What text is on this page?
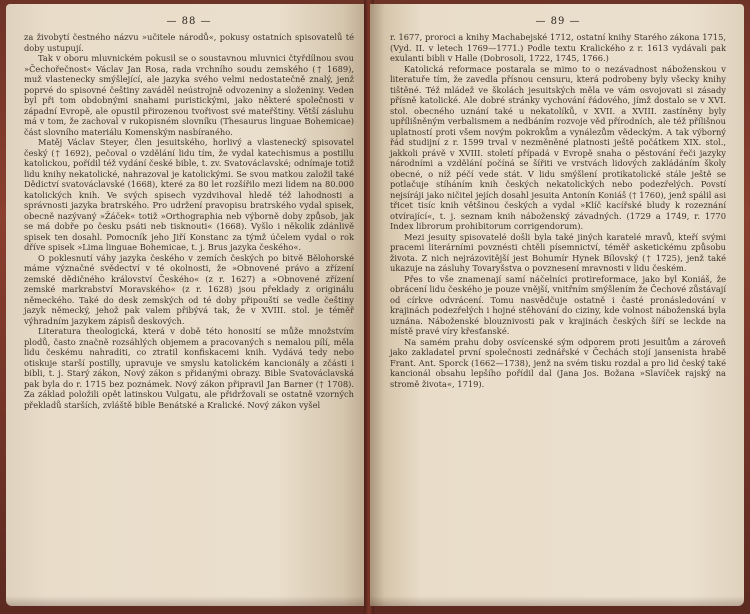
— 88 —

za živobytí čestného názvu »učitele národů«, pokusy ostatních spisovatelů té doby ustupují.

Tak v oboru mluvnickém pokusil se o soustavnou mluvnici čtyřdílnou svou »Čechořečnost« Václav Jan Rosa, rada vrchního soudu zemského († 1689), muž vlastenecky smýšlející, ale jazyka svého velmi nedostatečně znalý, jenž poprvé do spisovné češtiny zaváděl neústrojně odvozeniny a složeniny. Veden byl při tom obdobnými snahami puristickými, jako některé společnosti v západní Evropě, ale opustil přirozenou tvořivost své mateřštiny. Větší zásluhu má v tom, že zachoval v rukopisném slovníku (Thesaurus linguae Bohemicae) část slovního materiálu Komenským nasbíraného.

Matěj Václav Steyer, člen jesuitského, horlivý a vlastenecký spisovatel český († 1692), pečoval o vzdělání lidu tím, že vydal katechismus a postillu katolickou, pořídil též vydání české bible, t. zv. Svatováclavské; odnímaje totiž lidu knihy nekatolické, nahrazoval je katolickými. Se svou matkou založil také Dědictví svatováclavské (1668), které za 80 let rozšířilo mezi lidem na 80.000 katolických knih. Ve svých spisech vyzdvihoval hledě též lahodnosti a správnosti jazyka bratrského. Pro udržení pravopisu bratrského vydal spisek, obecně nazývaný »Žáček« totiž »Orthographia neb výborně doby způsob, jak se má dobře po česku psáti neb tisknouti« (1668). Vyšlo i několik zdánlivě spisek ten dosahl. Pomocník jeho Jiří Konstanc za týmž účelem vydal o rok dříve spisek »Lima linguae Bohemicae, t. j. Brus jazyka českého«.

O poklesnutí váhy jazyka českého v zemích českých po bitvě Bělohorské máme význačné svědectví v té okolnosti, že »Obnovené právo a zřízení zemské dědičného království Českého« (z r. 1627) a »Obnovené zřízení zemské markrabství Moravského« (z r. 1628) jsou překlady z originálu německého. Také do desk zemských od té doby připouští se vedle češtiny jazyk německý, jehož pak valem přibývá tak, že v XVIII. stol. je téměř výhradním jazykem zápisů deskových.

Literatura theologická, která v době této honosití se může množstvím plodů, často značně rozsáhlých objemem a pracovaných s nemalou pílí, měla lidu českému nahraditi, co ztratil konfiskacemi knih. Vydává tedy nebo otiskuje starší postilly, upravuje ve smyslu katolickém kancionály a zčásti i bibli, t. j. Starý zákon, Nový zákon s přidanými obrazy. Bible Svatováclavská pak byla do r. 1715 bez poznámek. Nový zákon připravil Jan Barner († 1708). Za základ položili opět latinskou Vulgatu, ale přidržovali se ostatně vzorných překladů starších, zvláště bible Benátské a Kralické. Nový zákon vyšel

— 89 —

r. 1677, proroci a knihy Machabejské 1712, ostatní knihy Starého zákona 1715, (Vyd. II. v letech 1769—1771.) Podle textu Kralického z r. 1613 vydávali pak exulanti bibli v Halle (Dobrosoli, 1722, 1745, 1766.)

Katolická reformace postarala se mimo to o nezávadnost náboženskou v literatuře tím, že zavedla přísnou censuru, která podrobeny byly všecky knihy tištěné. Též mládež ve školách jesuitských měla ve vám osvojovati si zásady přísně katolické. Ale dobré stránky vychování řádového, jímž dostalo se v XVI. stol. obecného uznání také u nekatolíků, v XVII. a XVIII. zastíněny byly upřílišněným verbalismem a nedbáním rozvoje věd přírodních, ale též přílišnou uplatností proti všem novým pokrokům a vynálezům vědeckým. A tak výborný řád studijní z r. 1599 trval v nezměněné platnosti ještě počátkem XIX. stol., jakkoli právě v XVIII. století případá v Evropě snaha o pěstování řeči jazyky národními a vzdělání počíná se šířiti ve vrstvách lidových zakládáním školy obecné, o níž péčí vede stát. V lidu smýšlení protikatolické stále ještě se potlačuje stíháním knih českých nekatolických nebo podezřelých. Povstí nejsíráji jako ničitel jejích dosahl jesuita Antonín Koniáš († 1760), jenž spálil asi třicet tisíc knih většinou českých a vydal »Klíč kacířské bludy k rozeznání otvírající«, t. j. seznam knih náboženský závadných. (1729 a 1749, r. 1770 Index librorum prohibitorum corrigendorum).

Mezi jesuity spisovatelé došli byla také jiných karatelé mravů, kteří svými pracemi literárními povznésti chtěli písemnictví, téměř asketickému způsobu života. Z nich nejrázovitější jest Bohumír Hynek Bílovský († 1725), jenž také ukazuje na zásluhy Tovaryšstva o povznesení mravnosti v lidu českém.

Přes to vše znamenají samí náčelníci protireformace, jako byl Koniáš, že obrácení lidu českého je pouze vnější, vnitřním smýšlením že Čechové zůstávají od církve odvrácení. Tomu nasvědčuje ostatně i časté pronásledování v krajinách podezřelých i hojné stěhování do ciziny, kde volnost náboženská byla uznána. Náboženské blouznivosti pak v krajinách českých šíří se leckde na místě pravé víry křesťanské.

Na samém prahu doby osvícenské sým odporem proti jesuitům a zároveň jako zakladatel první společnosti zednářské v Čechách stojí jansenista hrabě Frant. Ant. Sporck (1662—1738), jenž na svém tisku rozdal a pro lid český také kancionál obsahu lepšího pořídil dal (Jana Jos. Božana »Slavíček rajský na stromě života«, 1719).
